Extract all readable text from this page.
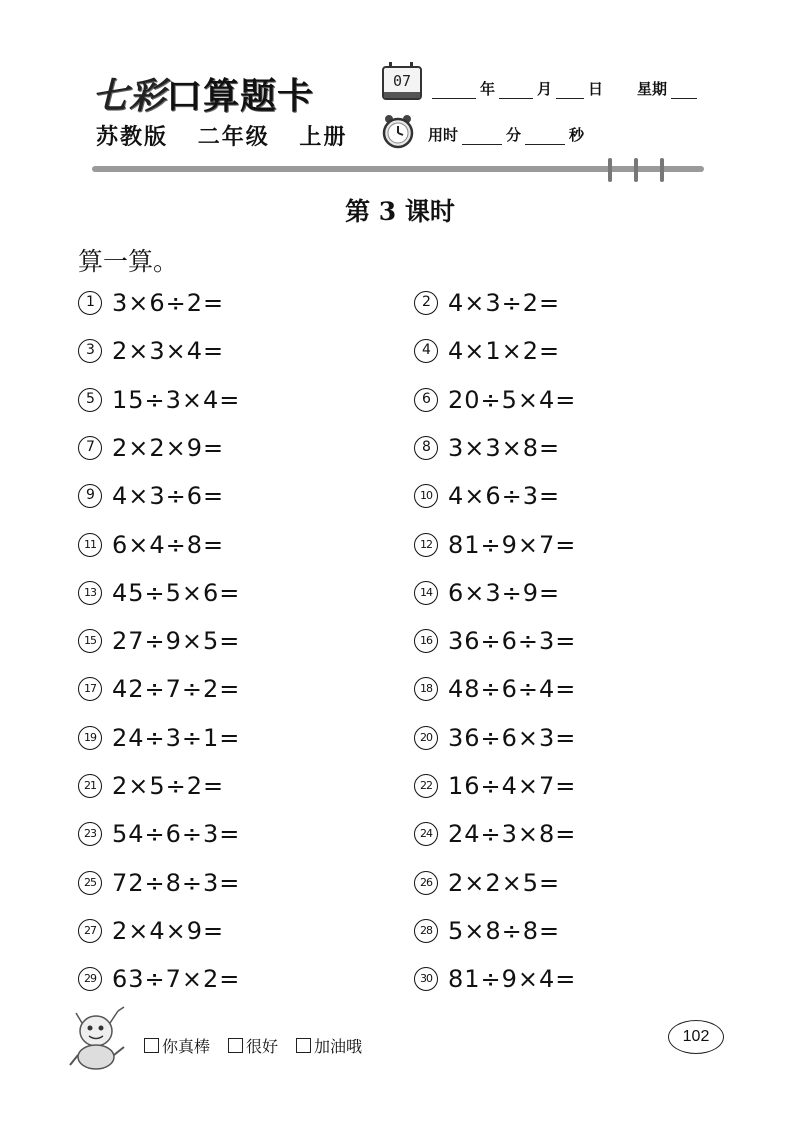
七彩口算题卡
苏教版 二年级 上册
07	年	月 日 星期
用时	分	秒
第 3 课时
算一算。
1 3×6÷2=	2 4×3÷2=
3 2×3×4=	4 4×1×2=
5 15÷3×4=	6 20÷5×4=
7 2×2×9=	8 3×3×8=
9 4×3÷6=	10 4×6÷3=
11 6×4÷8=	12 81÷9×7=
13 45÷5×6=	14 6×3÷9=
15 27÷9×5=	16 36÷6÷3=
17 42÷7÷2=	18 48÷6÷4=
19 24÷3÷1=	20 36÷6×3=
21 2×5÷2=	22 16÷4×7=
23 54÷6÷3=	24 24÷3×8=
25 72÷8÷3=	26 2×2×5=
27 2×4×9=	28 5×8÷8=
29 63÷7×2=	30 81÷9×4=
你真棒 很好 加油哦
102
